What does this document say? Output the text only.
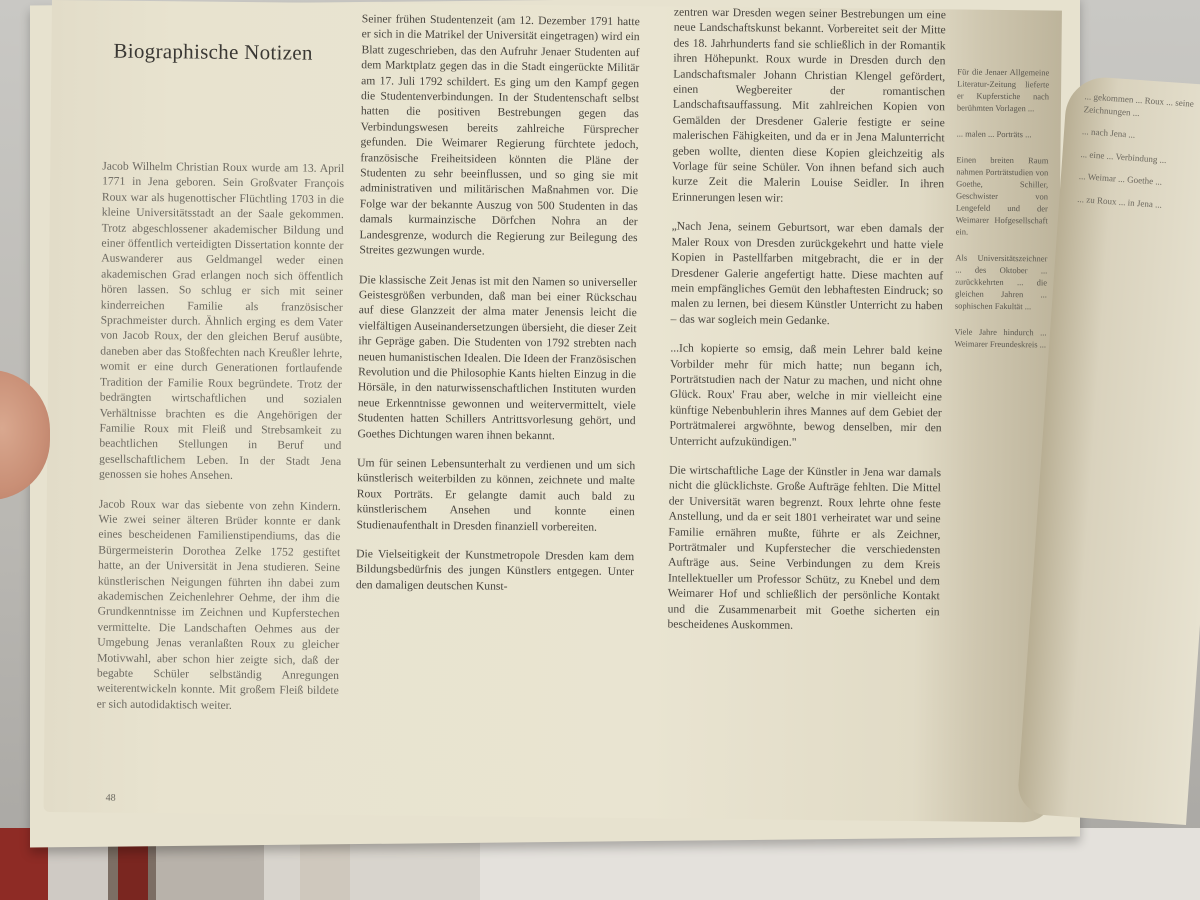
Biographische Notizen

Jacob Wilhelm Christian Roux wurde am 13. April 1771 in Jena geboren. Sein Großvater François Roux war als hugenottischer Flüchtling 1703 in die kleine Universitätsstadt an der Saale gekommen. Trotz abgeschlossener akademischer Bildung und einer öffentlich verteidigten Dissertation konnte der Auswanderer aus Geldmangel weder einen akademischen Grad erlangen noch sich öffentlich hören lassen. So schlug er sich mit seiner kinderreichen Familie als französischer Sprachmeister durch. Ähnlich erging es dem Vater von Jacob Roux, der den gleichen Beruf ausübte, daneben aber das Stoßfechten nach Kreußler lehrte, womit er eine durch Generationen fortlaufende Tradition der Familie Roux begründete. Trotz der bedrängten wirtschaftlichen und sozialen Verhältnisse brachten es die Angehörigen der Familie Roux mit Fleiß und Strebsamkeit zu beachtlichen Stellungen in Beruf und gesellschaftlichem Leben. In der Stadt Jena genossen sie hohes Ansehen.

Jacob Roux war das siebente von zehn Kindern. Wie zwei seiner älteren Brüder konnte er dank eines bescheidenen Familienstipendiums, das die Bürgermeisterin Dorothea Zelke 1752 gestiftet hatte, an der Universität in Jena studieren. Seine künstlerischen Neigungen führten ihn dabei zum akademischen Zeichenlehrer Oehme, der ihm die Grundkenntnisse im Zeichnen und Kupferstechen vermittelte. Die Landschaften Oehmes aus der Umgebung Jenas veranlaßten Roux zu gleicher Motivwahl, aber schon hier zeigte sich, daß der begabte Schüler selbständig Anregungen weiterentwickeln konnte. Mit großem Fleiß bildete er sich autodidaktisch weiter.

Seiner frühen Studentenzeit (am 12. Dezember 1791 hatte er sich in die Matrikel der Universität eingetragen) wird ein Blatt zugeschrieben, das den Aufruhr Jenaer Studenten auf dem Marktplatz gegen das in die Stadt eingerückte Militär am 17. Juli 1792 schildert. Es ging um den Kampf gegen die Studentenverbindungen. In der Studentenschaft selbst hatten die positiven Bestrebungen gegen das Verbindungswesen bereits zahlreiche Fürsprecher gefunden. Die Weimarer Regierung fürchtete jedoch, französische Freiheitsideen könnten die Pläne der Studenten zu sehr beeinflussen, und so ging sie mit administrativen und militärischen Maßnahmen vor. Die Folge war der bekannte Auszug von 500 Studenten in das damals kurmainzische Dörfchen Nohra an der Landesgrenze, wodurch die Regierung zur Beilegung des Streites gezwungen wurde.

Die klassische Zeit Jenas ist mit den Namen so universeller Geistesgrößen verbunden, daß man bei einer Rückschau auf diese Glanzzeit der alma mater Jenensis leicht die vielfältigen Auseinandersetzungen übersieht, die dieser Zeit ihr Gepräge gaben. Die Studenten von 1792 strebten nach neuen humanistischen Idealen. Die Ideen der Französischen Revolution und die Philosophie Kants hielten Einzug in die Hörsäle, in den naturwissenschaftlichen Instituten wurden neue Erkenntnisse gewonnen und weitervermittelt, viele Studenten hatten Schillers Antrittsvorlesung gehört, und Goethes Dichtungen waren ihnen bekannt.

Um für seinen Lebensunterhalt zu verdienen und um sich künstlerisch weiterbilden zu können, zeichnete und malte Roux Porträts. Er gelangte damit auch bald zu künstlerischem Ansehen und konnte einen Studienaufenthalt in Dresden finanziell vorbereiten.

Die Vielseitigkeit der Kunstmetropole Dresden kam dem Bildungsbedürfnis des jungen Künstlers entgegen. Unter den damaligen deutschen Kunst-

zentren war Dresden wegen seiner Bestrebungen um eine neue Landschaftskunst bekannt. Vorbereitet seit der Mitte des 18. Jahrhunderts fand sie schließlich in der Romantik ihren Höhepunkt. Roux wurde in Dresden durch den Landschaftsmaler Johann Christian Klengel gefördert, einen Wegbereiter der romantischen Landschaftsauffassung. Mit zahlreichen Kopien von Gemälden der Dresdener Galerie festigte er seine malerischen Fähigkeiten, und da er in Jena Malunterricht geben wollte, dienten diese Kopien gleichzeitig als Vorlage für seine Schüler. Von ihnen befand sich auch kurze Zeit die Malerin Louise Seidler. In ihren Erinnerungen lesen wir:

„Nach Jena, seinem Geburtsort, war eben damals der Maler Roux von Dresden zurückgekehrt und hatte viele Kopien in Pastellfarben mitgebracht, die er in der Dresdener Galerie angefertigt hatte. Diese machten auf mein empfängliches Gemüt den lebhaftesten Eindruck; so malen zu lernen, bei diesem Künstler Unterricht zu haben – das war sogleich mein Gedanke.

...Ich kopierte so emsig, daß mein Lehrer bald keine Vorbilder mehr für mich hatte; nun begann ich, Porträtstudien nach der Natur zu machen, und nicht ohne Glück. Roux' Frau aber, welche in mir vielleicht eine künftige Nebenbuhlerin ihres Mannes auf dem Gebiet der Porträtmalerei argwöhnte, bewog denselben, mir den Unterricht aufzukündigen."

Die wirtschaftliche Lage der Künstler in Jena war damals nicht die glücklichste. Große Aufträge fehlten. Die Mittel der Universität waren begrenzt. Roux lehrte ohne feste Anstellung, und da er seit 1801 verheiratet war und seine Familie ernähren mußte, führte er als Zeichner, Porträtmaler und Kupferstecher die verschiedensten Aufträge aus. Seine Verbindungen zu dem Kreis Intellektueller um Professor Schütz, zu Knebel und dem Weimarer Hof und schließlich der persönliche Kontakt und die Zusammenarbeit mit Goethe sicherten ein bescheidenes Auskommen.

Für die Jenaer Allgemeine Literatur-Zeitung lieferte er Kupferstiche nach berühmten Vorlagen ...

... malen ... Porträts ...

Einen breiten Raum nahmen Porträtstudien von Goethe, Schiller, Geschwister von Lengefeld und der Weimarer Hofgesellschaft ein.

Als Universitätszeichner ... des Oktober ... zurückkehrten ... die gleichen Jahren ... sophischen Fakultät ...

Viele Jahre hindurch ... Weimarer Freundeskreis ...

48

... gekommen ... Roux ... seine Zeichnungen ...

... nach Jena ...

... eine ... Verbindung ...

... Weimar ... Goethe ...

... zu Roux ... in Jena ...
